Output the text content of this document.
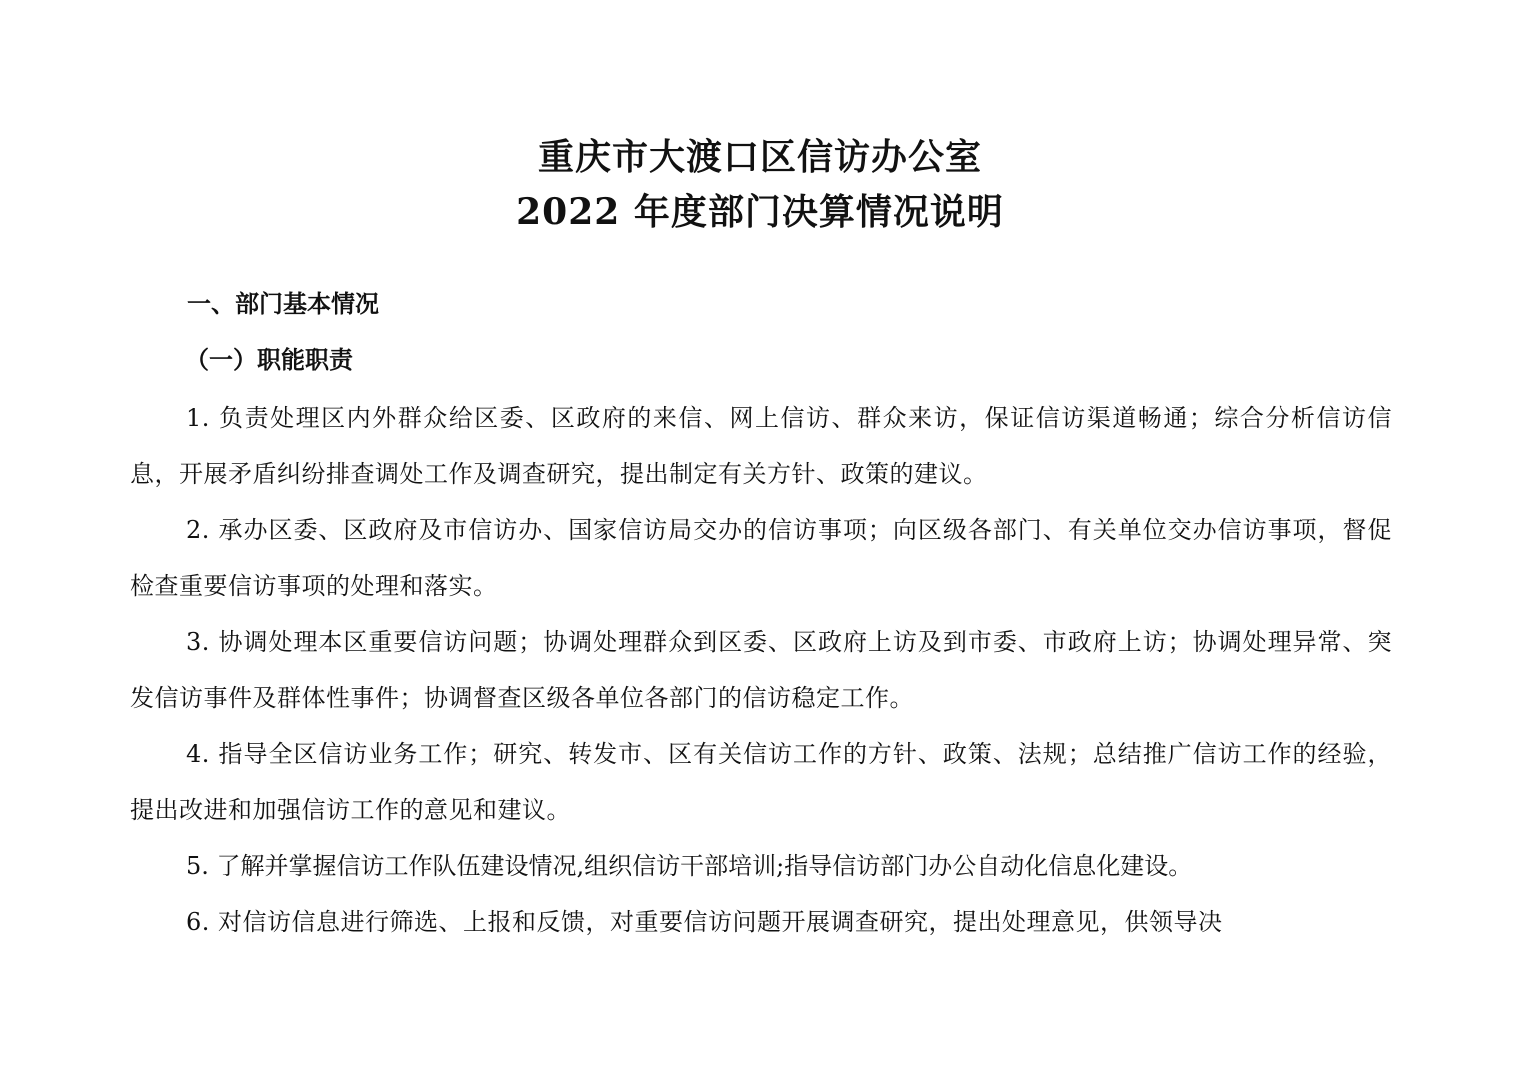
重庆市大渡口区信访办公室
2022 年度部门决算情况说明
一、部门基本情况
（一）职能职责
1. 负责处理区内外群众给区委、区政府的来信、网上信访、群众来访，保证信访渠道畅通；综合分析信访信息，开展矛盾纠纷排查调处工作及调查研究，提出制定有关方针、政策的建议。
2. 承办区委、区政府及市信访办、国家信访局交办的信访事项；向区级各部门、有关单位交办信访事项，督促检查重要信访事项的处理和落实。
3. 协调处理本区重要信访问题；协调处理群众到区委、区政府上访及到市委、市政府上访；协调处理异常、突发信访事件及群体性事件；协调督查区级各单位各部门的信访稳定工作。
4. 指导全区信访业务工作；研究、转发市、区有关信访工作的方针、政策、法规；总结推广信访工作的经验，提出改进和加强信访工作的意见和建议。
5. 了解并掌握信访工作队伍建设情况,组织信访干部培训;指导信访部门办公自动化信息化建设。
6. 对信访信息进行筛选、上报和反馈，对重要信访问题开展调查研究，提出处理意见，供领导决
